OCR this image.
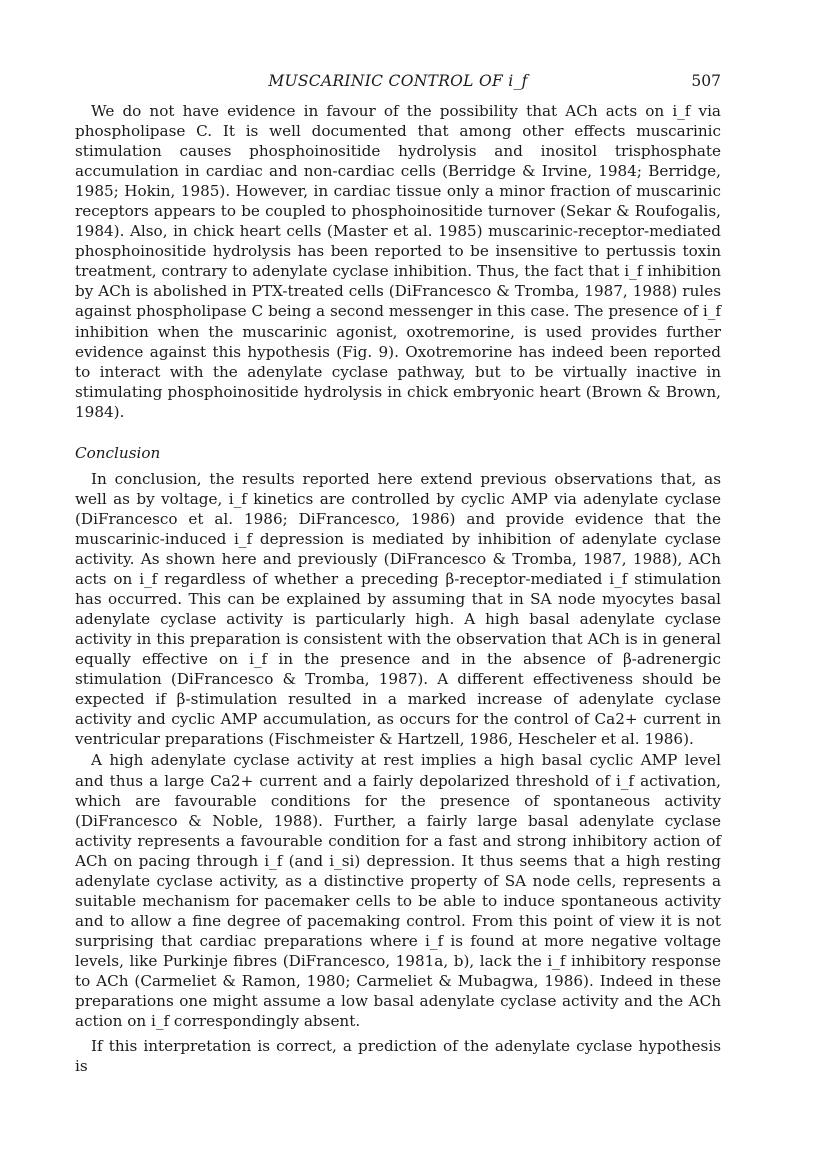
MUSCARINIC CONTROL OF i_f	507

We do not have evidence in favour of the possibility that ACh acts on i_f via phospholipase C. It is well documented that among other effects muscarinic stimulation causes phosphoinositide hydrolysis and inositol trisphosphate accumulation in cardiac and non-cardiac cells (Berridge & Irvine, 1984; Berridge, 1985; Hokin, 1985). However, in cardiac tissue only a minor fraction of muscarinic receptors appears to be coupled to phosphoinositide turnover (Sekar & Roufogalis, 1984). Also, in chick heart cells (Master et al. 1985) muscarinic-receptor-mediated phosphoinositide hydrolysis has been reported to be insensitive to pertussis toxin treatment, contrary to adenylate cyclase inhibition. Thus, the fact that i_f inhibition by ACh is abolished in PTX-treated cells (DiFrancesco & Tromba, 1987, 1988) rules against phospholipase C being a second messenger in this case. The presence of i_f inhibition when the muscarinic agonist, oxotremorine, is used provides further evidence against this hypothesis (Fig. 9). Oxotremorine has indeed been reported to interact with the adenylate cyclase pathway, but to be virtually inactive in stimulating phosphoinositide hydrolysis in chick embryonic heart (Brown & Brown, 1984).

Conclusion

In conclusion, the results reported here extend previous observations that, as well as by voltage, i_f kinetics are controlled by cyclic AMP via adenylate cyclase (DiFrancesco et al. 1986; DiFrancesco, 1986) and provide evidence that the muscarinic-induced i_f depression is mediated by inhibition of adenylate cyclase activity. As shown here and previously (DiFrancesco & Tromba, 1987, 1988), ACh acts on i_f regardless of whether a preceding β-receptor-mediated i_f stimulation has occurred. This can be explained by assuming that in SA node myocytes basal adenylate cyclase activity is particularly high. A high basal adenylate cyclase activity in this preparation is consistent with the observation that ACh is in general equally effective on i_f in the presence and in the absence of β-adrenergic stimulation (DiFrancesco & Tromba, 1987). A different effectiveness should be expected if β-stimulation resulted in a marked increase of adenylate cyclase activity and cyclic AMP accumulation, as occurs for the control of Ca2+ current in ventricular preparations (Fischmeister & Hartzell, 1986, Hescheler et al. 1986).

A high adenylate cyclase activity at rest implies a high basal cyclic AMP level and thus a large Ca2+ current and a fairly depolarized threshold of i_f activation, which are favourable conditions for the presence of spontaneous activity (DiFrancesco & Noble, 1988). Further, a fairly large basal adenylate cyclase activity represents a favourable condition for a fast and strong inhibitory action of ACh on pacing through i_f (and i_si) depression. It thus seems that a high resting adenylate cyclase activity, as a distinctive property of SA node cells, represents a suitable mechanism for pacemaker cells to be able to induce spontaneous activity and to allow a fine degree of pacemaking control. From this point of view it is not surprising that cardiac preparations where i_f is found at more negative voltage levels, like Purkinje fibres (DiFrancesco, 1981a, b), lack the i_f inhibitory response to ACh (Carmeliet & Ramon, 1980; Carmeliet & Mubagwa, 1986). Indeed in these preparations one might assume a low basal adenylate cyclase activity and the ACh action on i_f correspondingly absent.

If this interpretation is correct, a prediction of the adenylate cyclase hypothesis is
